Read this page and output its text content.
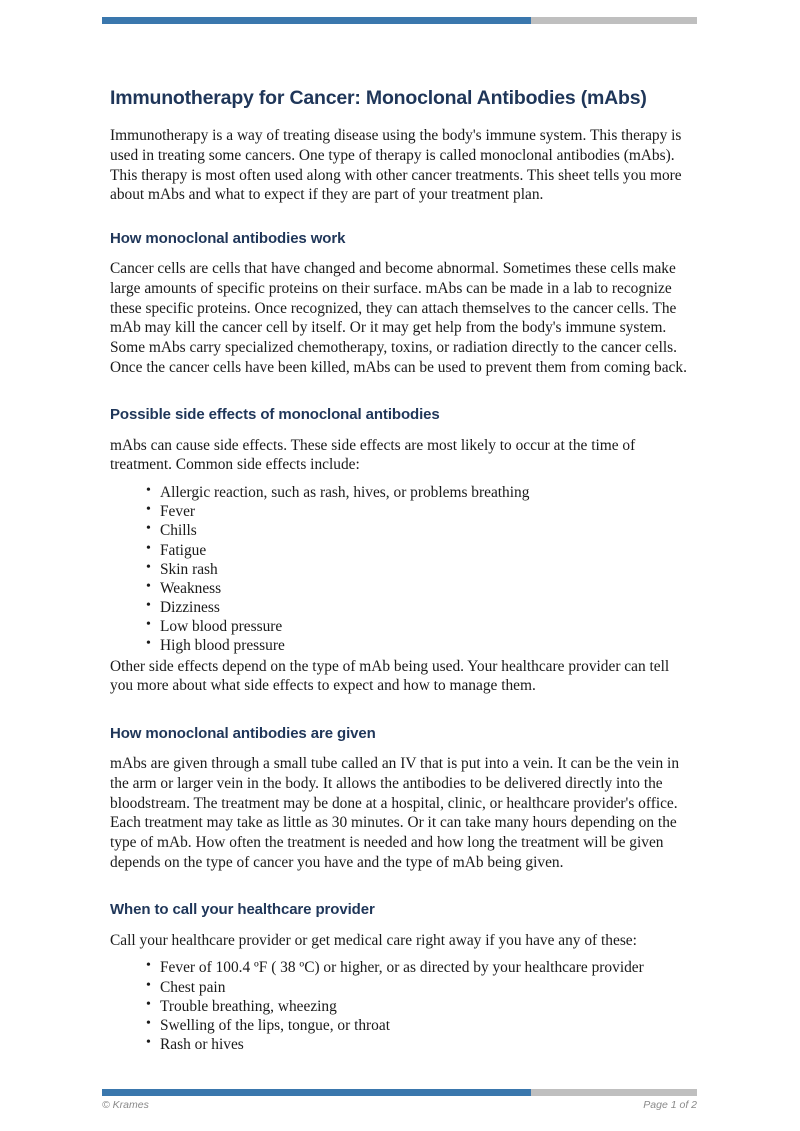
Immunotherapy for Cancer: Monoclonal Antibodies (mAbs)

Immunotherapy is a way of treating disease using the body's immune system. This therapy is used in treating some cancers. One type of therapy is called monoclonal antibodies (mAbs). This therapy is most often used along with other cancer treatments. This sheet tells you more about mAbs and what to expect if they are part of your treatment plan.

How monoclonal antibodies work

Cancer cells are cells that have changed and become abnormal. Sometimes these cells make large amounts of specific proteins on their surface. mAbs can be made in a lab to recognize these specific proteins. Once recognized, they can attach themselves to the cancer cells. The mAb may kill the cancer cell by itself. Or it may get help from the body's immune system. Some mAbs carry specialized chemotherapy, toxins, or radiation directly to the cancer cells. Once the cancer cells have been killed, mAbs can be used to prevent them from coming back.

Possible side effects of monoclonal antibodies

mAbs can cause side effects. These side effects are most likely to occur at the time of treatment. Common side effects include:

• Allergic reaction, such as rash, hives, or problems breathing
• Fever
• Chills
• Fatigue
• Skin rash
• Weakness
• Dizziness
• Low blood pressure
• High blood pressure

Other side effects depend on the type of mAb being used. Your healthcare provider can tell you more about what side effects to expect and how to manage them.

How monoclonal antibodies are given

mAbs are given through a small tube called an IV that is put into a vein. It can be the vein in the arm or larger vein in the body. It allows the antibodies to be delivered directly into the bloodstream. The treatment may be done at a hospital, clinic, or healthcare provider's office. Each treatment may take as little as 30 minutes. Or it can take many hours depending on the type of mAb. How often the treatment is needed and how long the treatment will be given depends on the type of cancer you have and the type of mAb being given.

When to call your healthcare provider

Call your healthcare provider or get medical care right away if you have any of these:

• Fever of 100.4 ºF ( 38 ºC) or higher, or as directed by your healthcare provider
• Chest pain
• Trouble breathing, wheezing
• Swelling of the lips, tongue, or throat
• Rash or hives
© Krames	Page 1 of 2
